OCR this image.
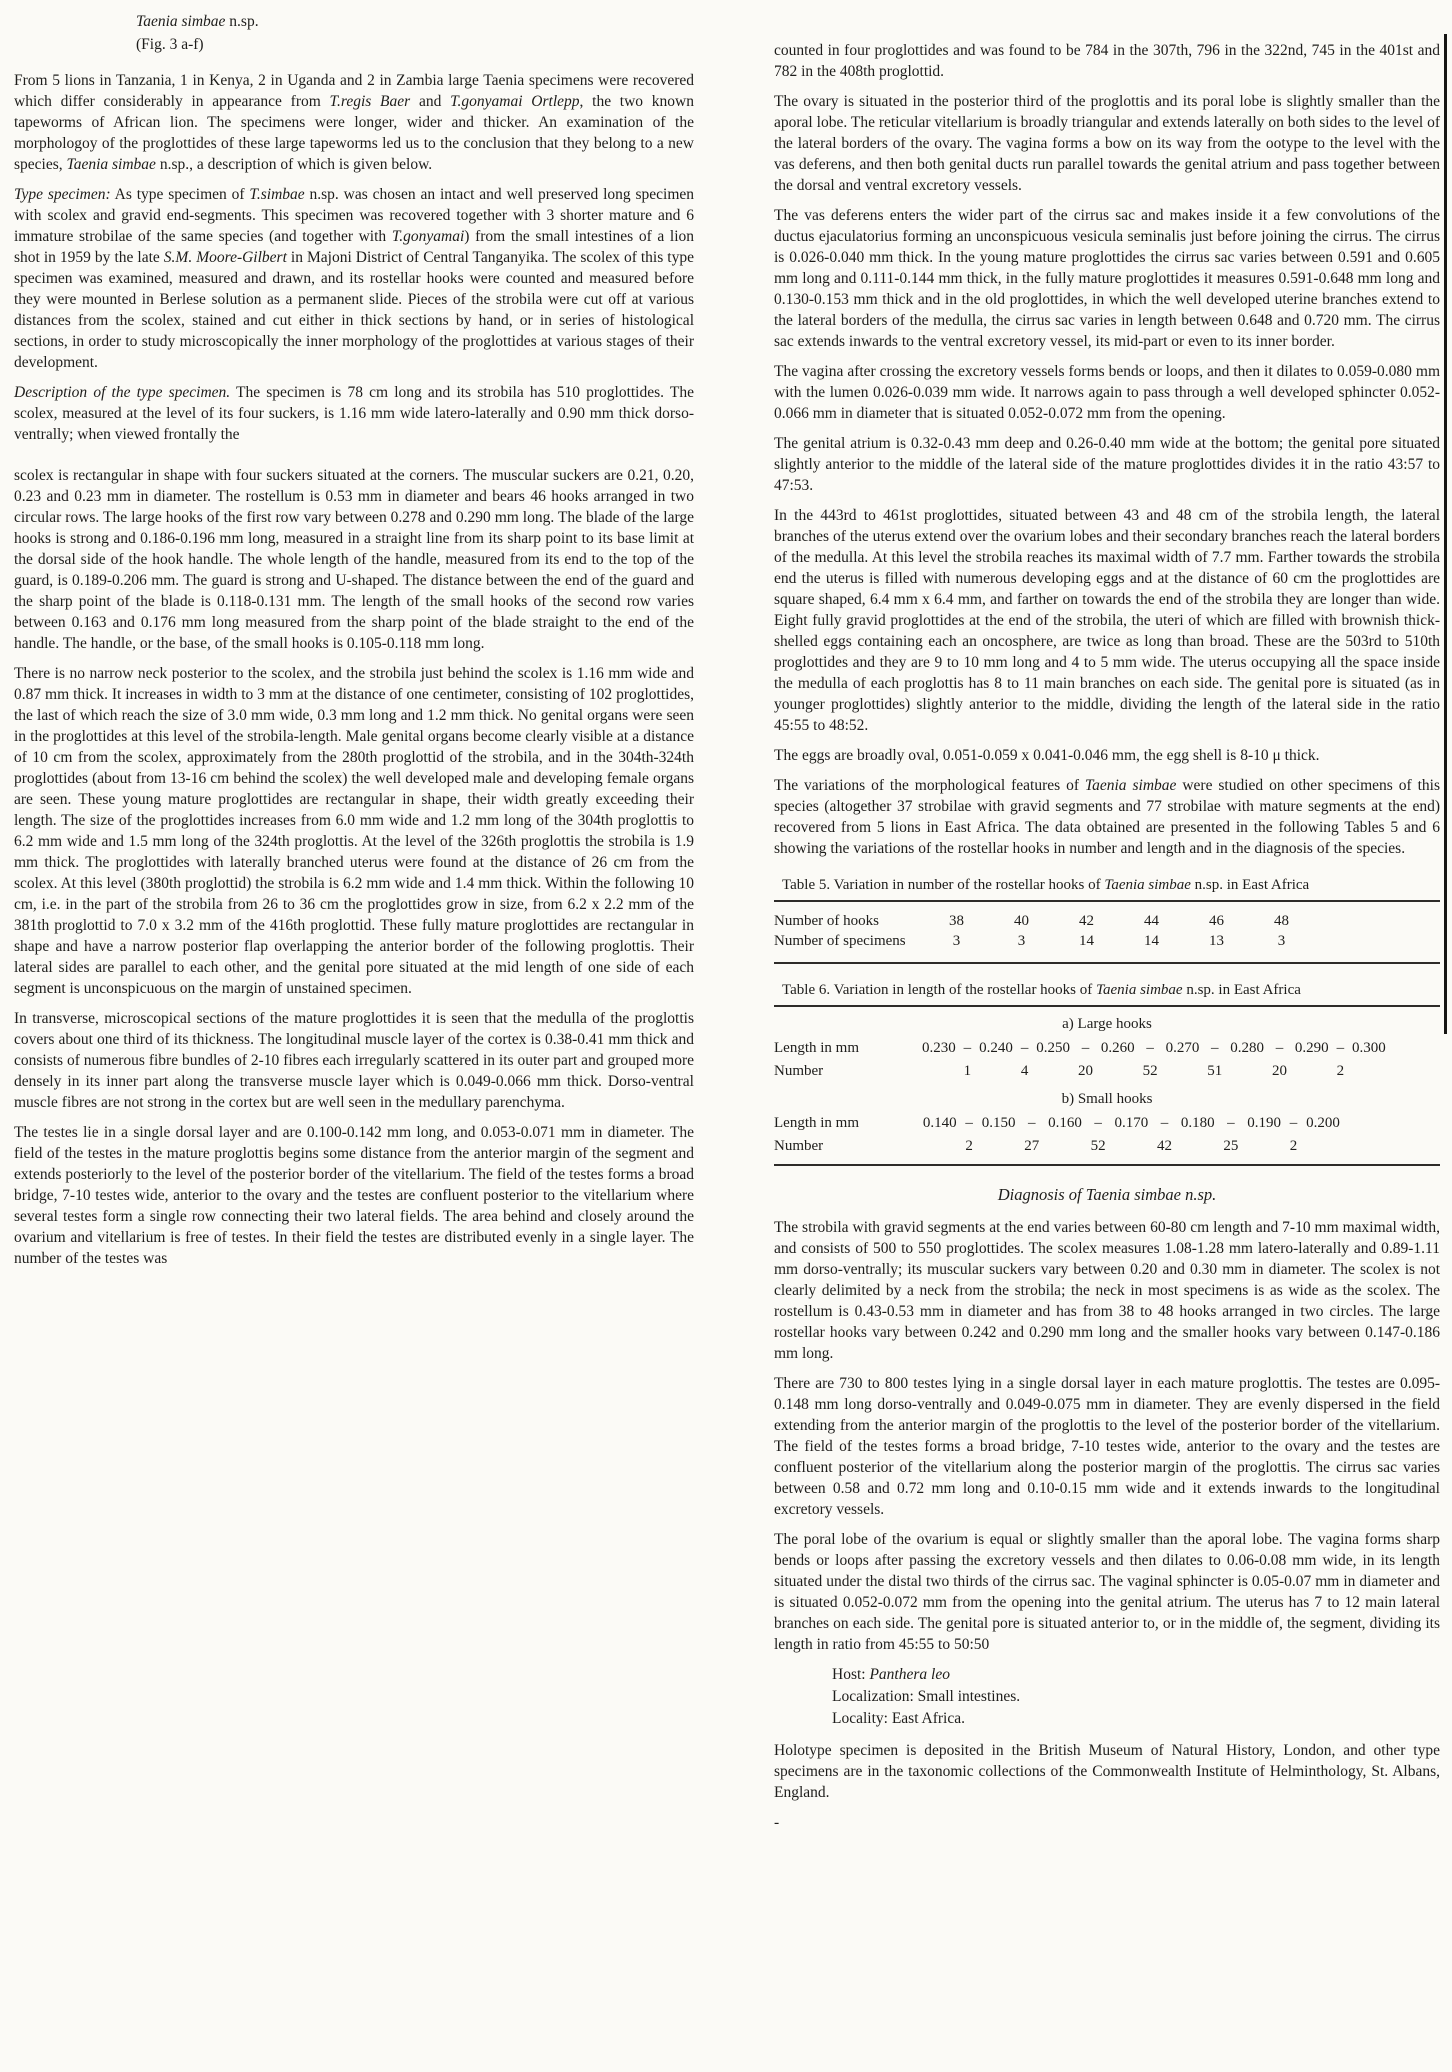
Taenia simbae n.sp.
(Fig. 3 a-f)

From 5 lions in Tanzania, 1 in Kenya, 2 in Uganda and 2 in Zambia large Taenia specimens were recovered which differ considerably in appearance from T.regis Baer and T.gonyamai Ortlepp, the two known tapeworms of African lion. The specimens were longer, wider and thicker. An examination of the morphologoy of the proglottides of these large tapeworms led us to the conclusion that they belong to a new species, Taenia simbae n.sp., a description of which is given below.

Type specimen: As type specimen of T.simbae n.sp. was chosen an intact and well preserved long specimen with scolex and gravid end-segments. This specimen was recovered together with 3 shorter mature and 6 immature strobilae of the same species (and together with T.gonyamai) from the small intestines of a lion shot in 1959 by the late S.M. Moore-Gilbert in Majoni District of Central Tanganyika. The scolex of this type specimen was examined, measured and drawn, and its rostellar hooks were counted and measured before they were mounted in Berlese solution as a permanent slide. Pieces of the strobila were cut off at various distances from the scolex, stained and cut either in thick sections by hand, or in series of histological sections, in order to study microscopically the inner morphology of the proglottides at various stages of their development.

Description of the type specimen. The specimen is 78 cm long and its strobila has 510 proglottides. The scolex, measured at the level of its four suckers, is 1.16 mm wide latero-laterally and 0.90 mm thick dorso-ventrally; when viewed frontally the

scolex is rectangular in shape with four suckers situated at the corners. The muscular suckers are 0.21, 0.20, 0.23 and 0.23 mm in diameter. The rostellum is 0.53 mm in diameter and bears 46 hooks arranged in two circular rows. The large hooks of the first row vary between 0.278 and 0.290 mm long. The blade of the large hooks is strong and 0.186-0.196 mm long, measured in a straight line from its sharp point to its base limit at the dorsal side of the hook handle. The whole length of the handle, measured from its end to the top of the guard, is 0.189-0.206 mm. The guard is strong and U-shaped. The distance between the end of the guard and the sharp point of the blade is 0.118-0.131 mm. The length of the small hooks of the second row varies between 0.163 and 0.176 mm long measured from the sharp point of the blade straight to the end of the handle. The handle, or the base, of the small hooks is 0.105-0.118 mm long.

There is no narrow neck posterior to the scolex, and the strobila just behind the scolex is 1.16 mm wide and 0.87 mm thick. It increases in width to 3 mm at the distance of one centimeter, consisting of 102 proglottides, the last of which reach the size of 3.0 mm wide, 0.3 mm long and 1.2 mm thick. No genital organs were seen in the proglottides at this level of the strobila-length. Male genital organs become clearly visible at a distance of 10 cm from the scolex, approximately from the 280th proglottid of the strobila, and in the 304th-324th proglottides (about from 13-16 cm behind the scolex) the well developed male and developing female organs are seen. These young mature proglottides are rectangular in shape, their width greatly exceeding their length. The size of the proglottides increases from 6.0 mm wide and 1.2 mm long of the 304th proglottis to 6.2 mm wide and 1.5 mm long of the 324th proglottis. At the level of the 326th proglottis the strobila is 1.9 mm thick. The proglottides with laterally branched uterus were found at the distance of 26 cm from the scolex. At this level (380th proglottid) the strobila is 6.2 mm wide and 1.4 mm thick. Within the following 10 cm, i.e. in the part of the strobila from 26 to 36 cm the proglottides grow in size, from 6.2 x 2.2 mm of the 381th proglottid to 7.0 x 3.2 mm of the 416th proglottid. These fully mature proglottides are rectangular in shape and have a narrow posterior flap overlapping the anterior border of the following proglottis. Their lateral sides are parallel to each other, and the genital pore situated at the mid length of one side of each segment is unconspicuous on the margin of unstained specimen.

In transverse, microscopical sections of the mature proglottides it is seen that the medulla of the proglottis covers about one third of its thickness. The longitudinal muscle layer of the cortex is 0.38-0.41 mm thick and consists of numerous fibre bundles of 2-10 fibres each irregularly scattered in its outer part and grouped more densely in its inner part along the transverse muscle layer which is 0.049-0.066 mm thick. Dorso-ventral muscle fibres are not strong in the cortex but are well seen in the medullary parenchyma.

The testes lie in a single dorsal layer and are 0.100-0.142 mm long, and 0.053-0.071 mm in diameter. The field of the testes in the mature proglottis begins some distance from the anterior margin of the segment and extends posteriorly to the level of the posterior border of the vitellarium. The field of the testes forms a broad bridge, 7-10 testes wide, anterior to the ovary and the testes are confluent posterior to the vitellarium where several testes form a single row connecting their two lateral fields. The area behind and closely around the ovarium and vitellarium is free of testes. In their field the testes are distributed evenly in a single layer. The number of the testes was

counted in four proglottides and was found to be 784 in the 307th, 796 in the 322nd, 745 in the 401st and 782 in the 408th proglottid.

The ovary is situated in the posterior third of the proglottis and its poral lobe is slightly smaller than the aporal lobe. The reticular vitellarium is broadly triangular and extends laterally on both sides to the level of the lateral borders of the ovary. The vagina forms a bow on its way from the ootype to the level with the vas deferens, and then both genital ducts run parallel towards the genital atrium and pass together between the dorsal and ventral excretory vessels.

The vas deferens enters the wider part of the cirrus sac and makes inside it a few convolutions of the ductus ejaculatorius forming an unconspicuous vesicula seminalis just before joining the cirrus. The cirrus is 0.026-0.040 mm thick. In the young mature proglottides the cirrus sac varies between 0.591 and 0.605 mm long and 0.111-0.144 mm thick, in the fully mature proglottides it measures 0.591-0.648 mm long and 0.130-0.153 mm thick and in the old proglottides, in which the well developed uterine branches extend to the lateral borders of the medulla, the cirrus sac varies in length between 0.648 and 0.720 mm. The cirrus sac extends inwards to the ventral excretory vessel, its mid-part or even to its inner border.

The vagina after crossing the excretory vessels forms bends or loops, and then it dilates to 0.059-0.080 mm with the lumen 0.026-0.039 mm wide. It narrows again to pass through a well developed sphincter 0.052-0.066 mm in diameter that is situated 0.052-0.072 mm from the opening.

The genital atrium is 0.32-0.43 mm deep and 0.26-0.40 mm wide at the bottom; the genital pore situated slightly anterior to the middle of the lateral side of the mature proglottides divides it in the ratio 43:57 to 47:53.

In the 443rd to 461st proglottides, situated between 43 and 48 cm of the strobila length, the lateral branches of the uterus extend over the ovarium lobes and their secondary branches reach the lateral borders of the medulla. At this level the strobila reaches its maximal width of 7.7 mm. Farther towards the strobila end the uterus is filled with numerous developing eggs and at the distance of 60 cm the proglottides are square shaped, 6.4 mm x 6.4 mm, and farther on towards the end of the strobila they are longer than wide. Eight fully gravid proglottides at the end of the strobila, the uteri of which are filled with brownish thick-shelled eggs containing each an oncosphere, are twice as long than broad. These are the 503rd to 510th proglottides and they are 9 to 10 mm long and 4 to 5 mm wide. The uterus occupying all the space inside the medulla of each proglottis has 8 to 11 main branches on each side. The genital pore is situated (as in younger proglottides) slightly anterior to the middle, dividing the length of the lateral side in the ratio 45:55 to 48:52.

The eggs are broadly oval, 0.051-0.059 x 0.041-0.046 mm, the egg shell is 8-10 μ thick.

The variations of the morphological features of Taenia simbae were studied on other specimens of this species (altogether 37 strobilae with gravid segments and 77 strobilae with mature segments at the end) recovered from 5 lions in East Africa. The data obtained are presented in the following Tables 5 and 6 showing the variations of the rostellar hooks in number and length and in the diagnosis of the species.

Table 5. Variation in number of the rostellar hooks of Taenia simbae n.sp. in East Africa
Number of hooks	38	40	42	44	46	48
Number of specimens	3	3	14	14	13	3
Table 6. Variation in length of the rostellar hooks of Taenia simbae n.sp. in East Africa
a) Large hooks
Length in mm	0.230 0.240 0.250 0.260 0.270 0.280 0.290 0.300
–	–	–	–	–	–	–
Number	1	4	20	52	51	20	2
b) Small hooks
Length in mm	0.140 0.150 0.160 0.170 0.180 0.190 0.200
–	–	–	–	–	–
Number	2	27	52	42	25	2
Diagnosis of Taenia simbae n.sp.

The strobila with gravid segments at the end varies between 60-80 cm length and 7-10 mm maximal width, and consists of 500 to 550 proglottides. The scolex measures 1.08-1.28 mm latero-laterally and 0.89-1.11 mm dorso-ventrally; its muscular suckers vary between 0.20 and 0.30 mm in diameter. The scolex is not clearly delimited by a neck from the strobila; the neck in most specimens is as wide as the scolex. The rostellum is 0.43-0.53 mm in diameter and has from 38 to 48 hooks arranged in two circles. The large rostellar hooks vary between 0.242 and 0.290 mm long and the smaller hooks vary between 0.147-0.186 mm long.

There are 730 to 800 testes lying in a single dorsal layer in each mature proglottis. The testes are 0.095-0.148 mm long dorso-ventrally and 0.049-0.075 mm in diameter. They are evenly dispersed in the field extending from the anterior margin of the proglottis to the level of the posterior border of the vitellarium. The field of the testes forms a broad bridge, 7-10 testes wide, anterior to the ovary and the testes are confluent posterior of the vitellarium along the posterior margin of the proglottis. The cirrus sac varies between 0.58 and 0.72 mm long and 0.10-0.15 mm wide and it extends inwards to the longitudinal excretory vessels.

The poral lobe of the ovarium is equal or slightly smaller than the aporal lobe. The vagina forms sharp bends or loops after passing the excretory vessels and then dilates to 0.06-0.08 mm wide, in its length situated under the distal two thirds of the cirrus sac. The vaginal sphincter is 0.05-0.07 mm in diameter and is situated 0.052-0.072 mm from the opening into the genital atrium. The uterus has 7 to 12 main lateral branches on each side. The genital pore is situated anterior to, or in the middle of, the segment, dividing its length in ratio from 45:55 to 50:50

Host: Panthera leo
Localization: Small intestines.
Locality: East Africa.

Holotype specimen is deposited in the British Museum of Natural History, London, and other type specimens are in the taxonomic collections of the Commonwealth Institute of Helminthology, St. Albans, England.

-
